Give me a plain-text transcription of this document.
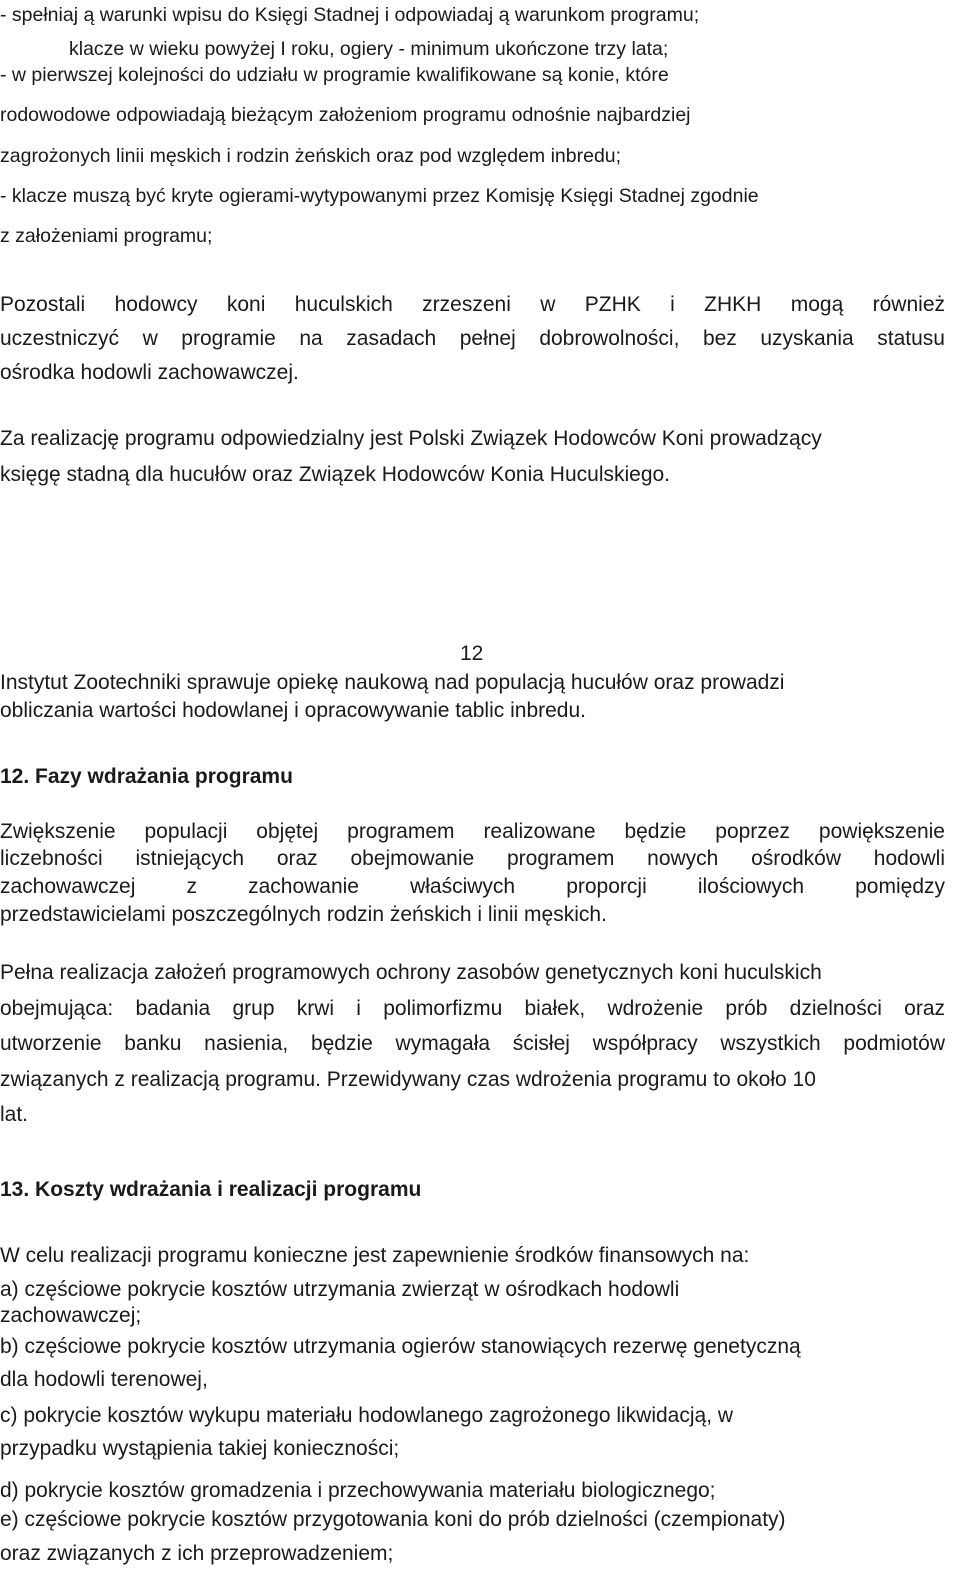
- spełniaj ą warunki wpisu do Księgi Stadnej i odpowiadaj ą warunkom programu;
klacze w wieku powyżej I roku, ogiery - minimum ukończone trzy lata;
- w pierwszej kolejności do udziału w programie kwalifikowane są konie, które
rodowodowe odpowiadają bieżącym założeniom programu odnośnie najbardziej
zagrożonych linii męskich i rodzin żeńskich oraz pod względem inbredu;
- klacze muszą być kryte ogierami-wytypowanymi przez Komisję Księgi Stadnej zgodnie
z założeniami programu;
Pozostali hodowcy koni huculskich zrzeszeni w PZHK i ZHKH mogą również
uczestniczyć w programie na zasadach pełnej dobrowolności, bez uzyskania statusu
ośrodka hodowli zachowawczej.
Za realizację programu odpowiedzialny jest Polski Związek Hodowców Koni prowadzący
księgę stadną dla hucułów oraz Związek Hodowców Konia Huculskiego.
12
Instytut Zootechniki sprawuje opiekę naukową nad populacją hucułów oraz prowadzi
obliczania wartości hodowlanej i opracowywanie tablic inbredu.
12. Fazy wdrażania programu
Zwiększenie populacji objętej programem realizowane będzie poprzez powiększenie
liczebności istniejących oraz obejmowanie programem nowych ośrodków hodowli
zachowawczej z zachowanie właściwych proporcji ilościowych pomiędzy
przedstawicielami poszczególnych rodzin żeńskich i linii męskich.
Pełna realizacja założeń programowych ochrony zasobów genetycznych koni huculskich
obejmująca: badania grup krwi i polimorfizmu białek, wdrożenie prób dzielności oraz
utworzenie banku nasienia, będzie wymagała ścisłej współpracy wszystkich podmiotów
związanych z realizacją programu. Przewidywany czas wdrożenia programu to około 10
lat.
13. Koszty wdrażania i realizacji programu
W celu realizacji programu konieczne jest zapewnienie środków finansowych na:
a) częściowe pokrycie kosztów utrzymania zwierząt w ośrodkach hodowli
zachowawczej;
b) częściowe pokrycie kosztów utrzymania ogierów stanowiących rezerwę genetyczną
dla hodowli terenowej,
c) pokrycie kosztów wykupu materiału hodowlanego zagrożonego likwidacją, w
przypadku wystąpienia takiej konieczności;
d) pokrycie kosztów gromadzenia i przechowywania materiału biologicznego;
e) częściowe pokrycie kosztów przygotowania koni do prób dzielności (czempionaty)
oraz związanych z ich przeprowadzeniem;
